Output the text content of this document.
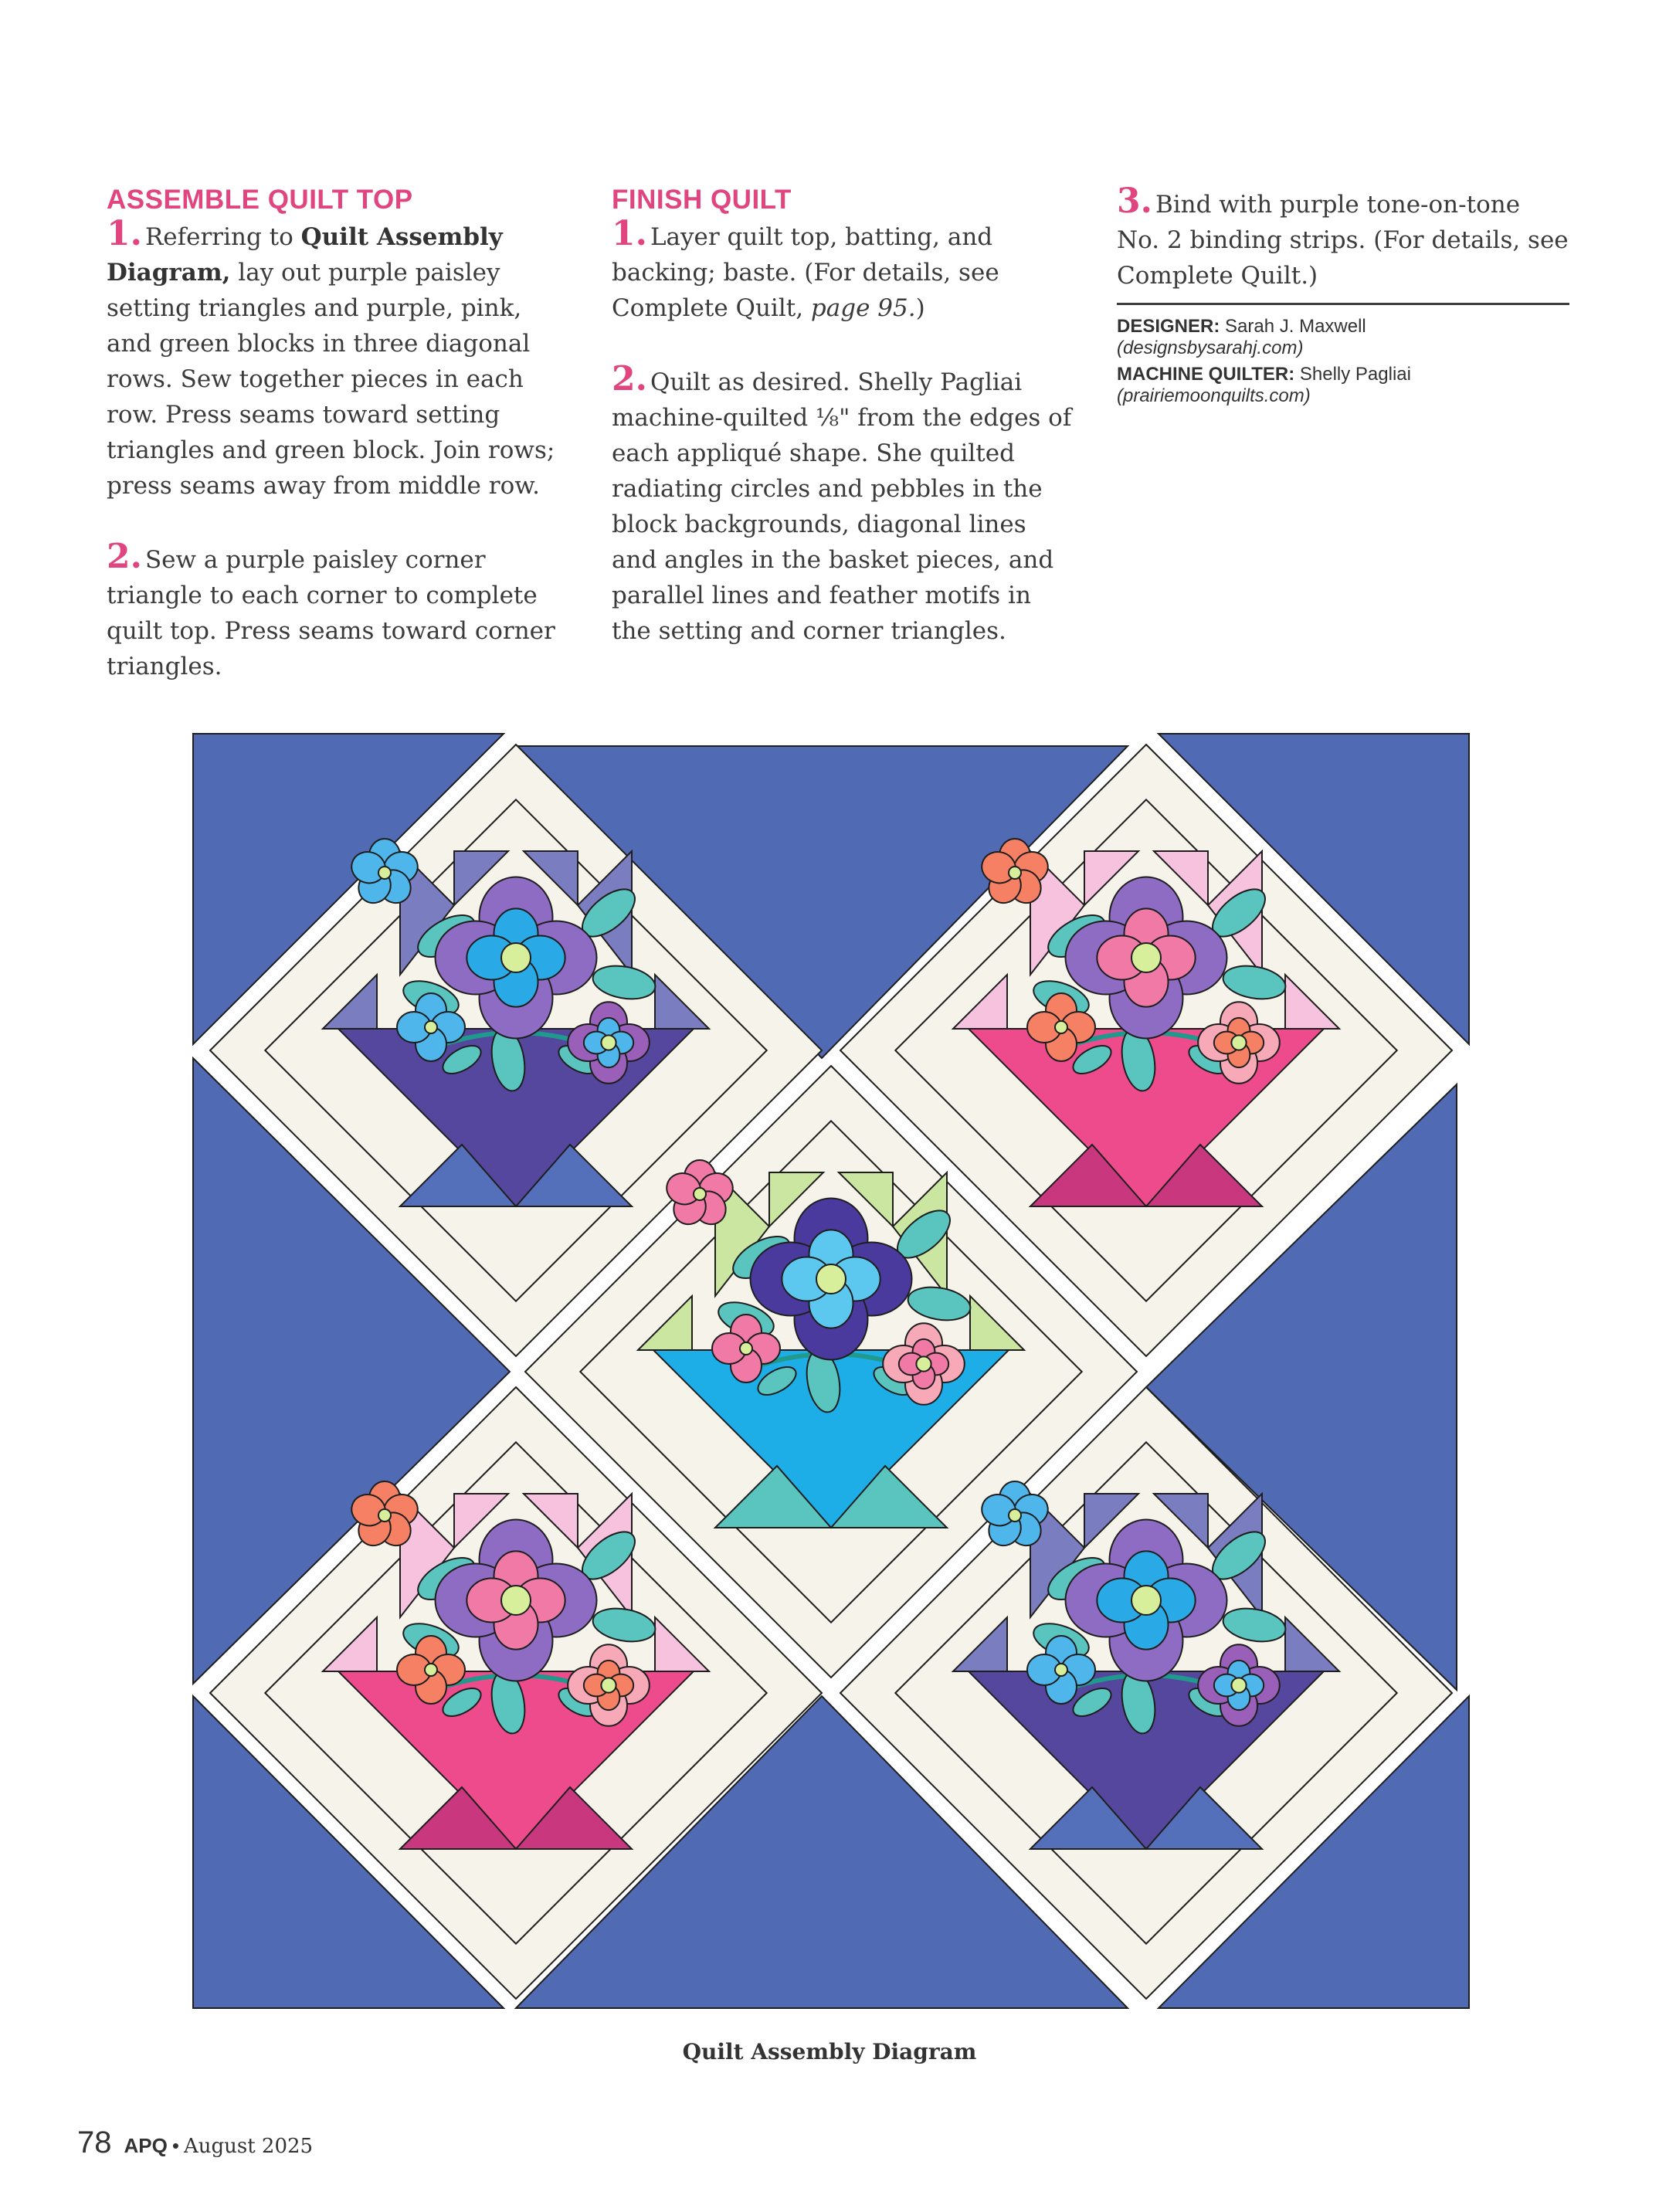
ASSEMBLE QUILT TOP

1. Referring to Quilt Assembly Diagram, lay out purple paisley setting triangles and purple, pink, and green blocks in three diagonal rows. Sew together pieces in each row. Press seams toward setting triangles and green block. Join rows; press seams away from middle row.

2. Sew a purple paisley corner triangle to each corner to complete quilt top. Press seams toward corner triangles.

FINISH QUILT

1. Layer quilt top, batting, and backing; baste. (For details, see Complete Quilt, page 95.)

2. Quilt as desired. Shelly Pagliai machine-quilted ⅛" from the edges of each appliqué shape. She quilted radiating circles and pebbles in the block backgrounds, diagonal lines and angles in the basket pieces, and parallel lines and feather motifs in the setting and corner triangles.

3. Bind with purple tone-on-tone No. 2 binding strips. (For details, see Complete Quilt.)

DESIGNER: Sarah J. Maxwell
(designsbysarahj.com)
MACHINE QUILTER: Shelly Pagliai
(prairiemoonquilts.com)
Quilt Assembly Diagram
78 APQ • August 2025
